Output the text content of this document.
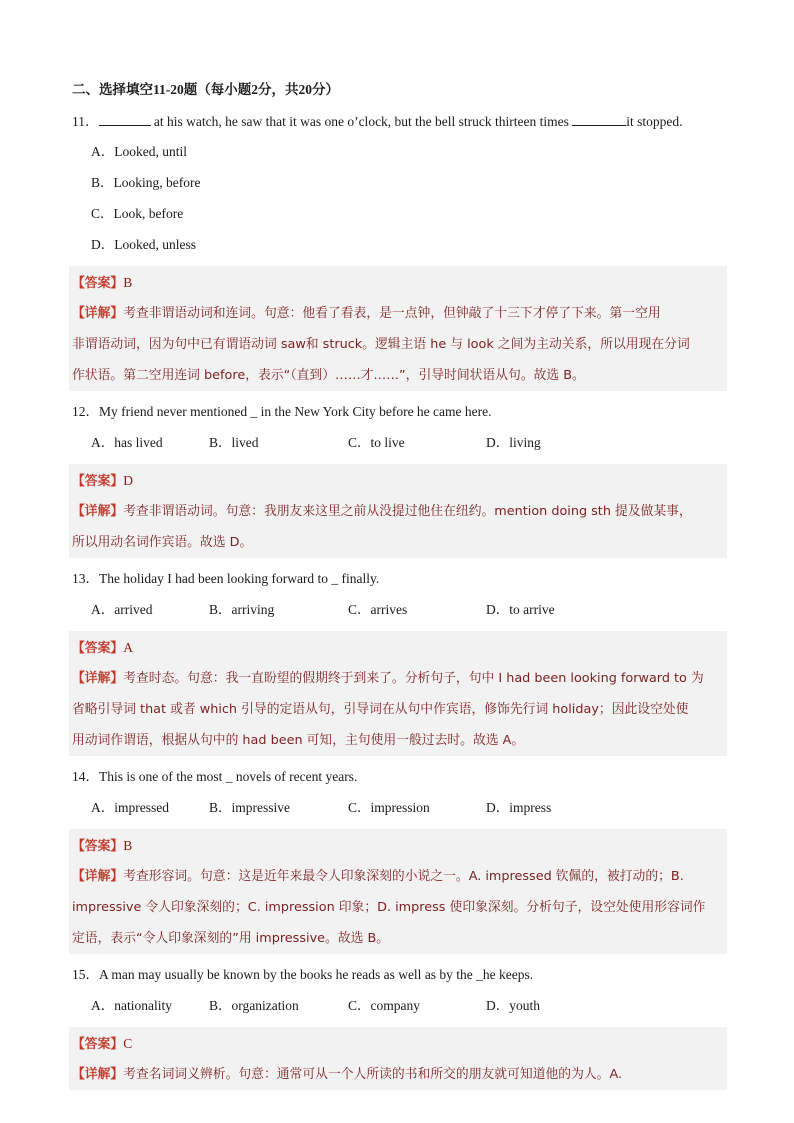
二、选择填空11-20题（每小题2分，共20分）
11．	at his watch, he saw that it was one o’clock, but the bell struck thirteen times	it stopped.
A．Looked, until
B．Looking, before
C．Look, before
D．Looked, unless
【答案】B

【详解】考查非谓语动词和连词。句意：他看了看表，是一点钟，但钟敲了十三下才停了下来。第一空用

非谓语动词，因为句中已有谓语动词 saw和 struck。逻辑主语 he 与 look 之间为主动关系，所以用现在分词

作状语。第二空用连词 before，表示“（直到）……才……”，引导时间状语从句。故选 B。

12．My friend never mentioned _ in the New York City before he came here.
A．has lived	B．lived	C．to live	D．living
【答案】D

【详解】考查非谓语动词。句意：我朋友来这里之前从没提过他住在纽约。mention doing sth 提及做某事，

所以用动名词作宾语。故选 D。

13．The holiday I had been looking forward to _ finally.
A．arrived	B．arriving	C．arrives	D．to arrive
【答案】A

【详解】考查时态。句意：我一直盼望的假期终于到来了。分析句子，句中 I had been looking forward to 为

省略引导词 that 或者 which 引导的定语从句，引导词在从句中作宾语，修饰先行词 holiday；因此设空处使

用动词作谓语，根据从句中的 had been 可知，主句使用一般过去时。故选 A。

14．This is one of the most _ novels of recent years.
A．impressed	B．impressive	C．impression	D．impress
【答案】B

【详解】考查形容词。句意：这是近年来最令人印象深刻的小说之一。A. impressed 钦佩的，被打动的；B.

impressive 令人印象深刻的；C. impression 印象；D. impress 使印象深刻。分析句子，设空处使用形容词作

定语，表示“令人印象深刻的”用 impressive。故选 B。

15．A man may usually be known by the books he reads as well as by the _he keeps.
A．nationality	B．organization	C．company	D．youth
【答案】C

【详解】考查名词词义辨析。句意：通常可从一个人所读的书和所交的朋友就可知道他的为人。A.
